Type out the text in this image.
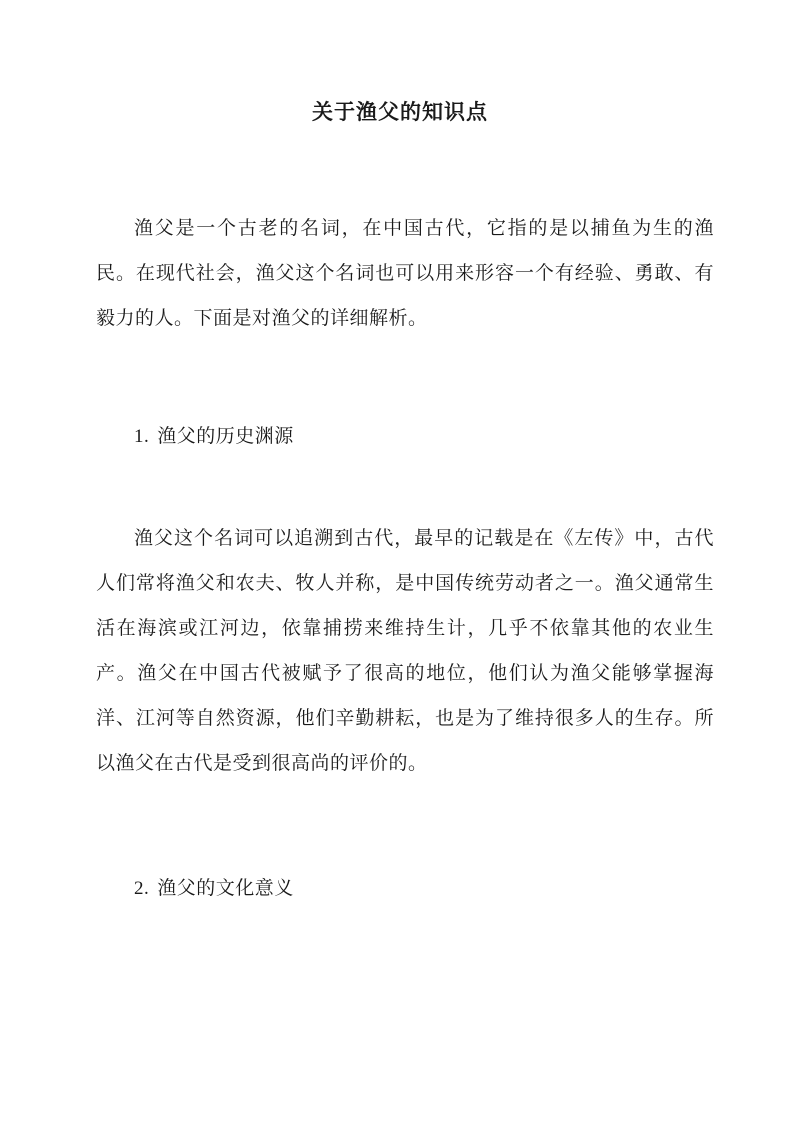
关于渔父的知识点

渔父是一个古老的名词，在中国古代，它指的是以捕鱼为生的渔民。在现代社会，渔父这个名词也可以用来形容一个有经验、勇敢、有毅力的人。下面是对渔父的详细解析。

1. 渔父的历史渊源

渔父这个名词可以追溯到古代，最早的记载是在《左传》中，古代人们常将渔父和农夫、牧人并称，是中国传统劳动者之一。渔父通常生活在海滨或江河边，依靠捕捞来维持生计，几乎不依靠其他的农业生产。渔父在中国古代被赋予了很高的地位，他们认为渔父能够掌握海洋、江河等自然资源，他们辛勤耕耘，也是为了维持很多人的生存。所以渔父在古代是受到很高尚的评价的。

2. 渔父的文化意义
